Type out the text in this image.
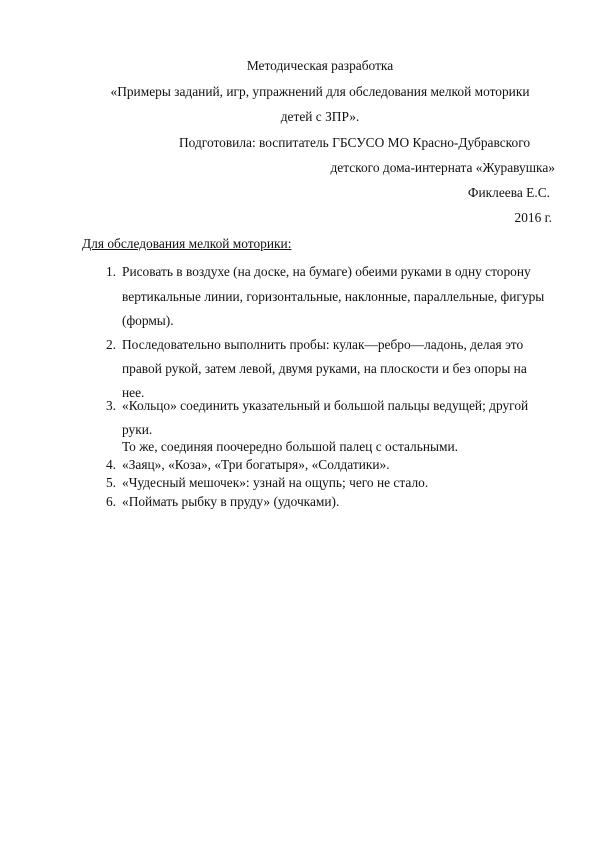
Методическая разработка
«Примеры заданий, игр, упражнений для обследования мелкой моторики
детей с ЗПР».
Подготовила: воспитатель ГБСУСО МО Красно-Дубравского
детского дома-интерната «Журавушка»
Фиклеева Е.С.
2016 г.
Для обследования мелкой моторики:
1. Рисовать в воздухе (на доске, на бумаге) обеими руками в одну сторону
вертикальные линии, горизонтальные, наклонные, параллельные, фигуры
(формы).
2. Последовательно выполнить пробы: кулак—ребро—ладонь, делая это
правой рукой, затем левой, двумя руками, на плоскости и без опоры на
нее.
3. «Кольцо» соединить указательный и большой пальцы ведущей; другой
руки.
То же, соединяя поочередно большой палец с остальными.
4. «Заяц», «Коза», «Три богатыря», «Солдатики».
5. «Чудесный мешочек»: узнай на ощупь; чего не стало.
6. «Поймать рыбку в пруду» (удочками).
